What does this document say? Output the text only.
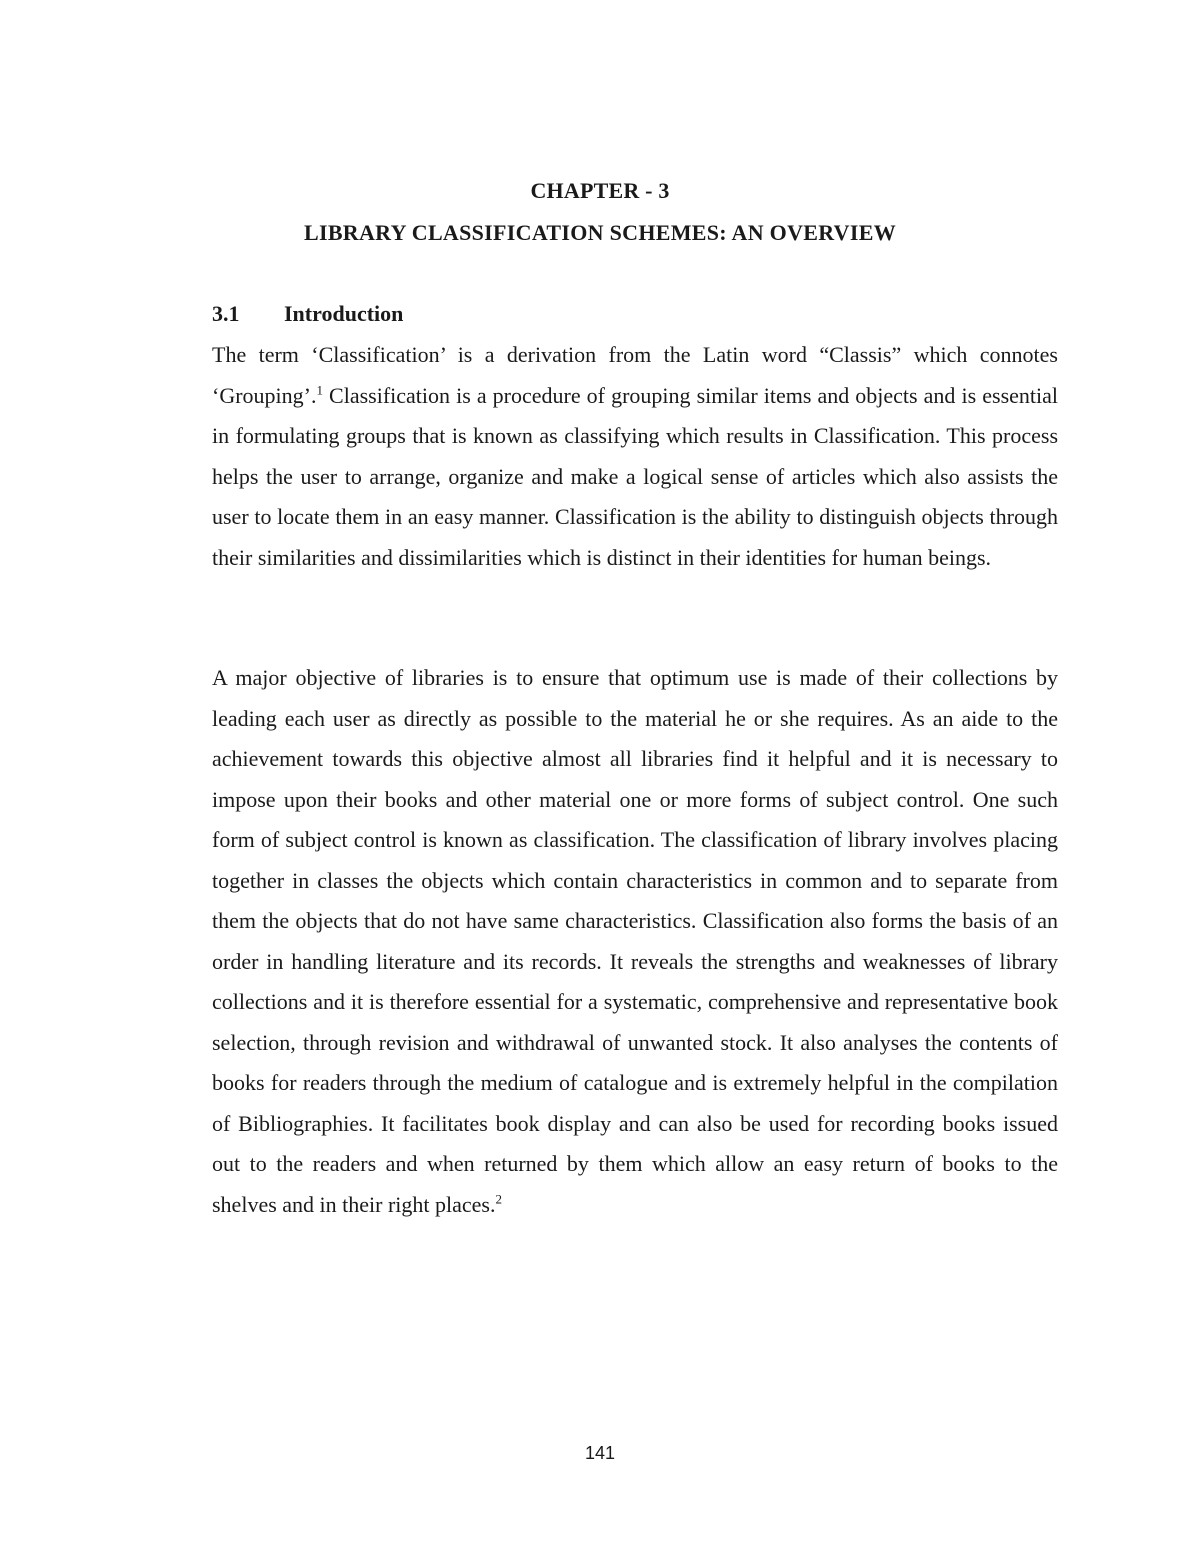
CHAPTER - 3
LIBRARY CLASSIFICATION SCHEMES: AN OVERVIEW
3.1 Introduction

The term ‘Classification’ is a derivation from the Latin word “Classis” which connotes ‘Grouping’.$^1$ Classification is a procedure of grouping similar items and objects and is essential in formulating groups that is known as classifying which results in Classification. This process helps the user to arrange, organize and make a logical sense of articles which also assists the user to locate them in an easy manner. Classification is the ability to distinguish objects through their similarities and dissimilarities which is distinct in their identities for human beings.

A major objective of libraries is to ensure that optimum use is made of their collections by leading each user as directly as possible to the material he or she requires. As an aide to the achievement towards this objective almost all libraries find it helpful and it is necessary to impose upon their books and other material one or more forms of subject control. One such form of subject control is known as classification. The classification of library involves placing together in classes the objects which contain characteristics in common and to separate from them the objects that do not have same characteristics. Classification also forms the basis of an order in handling literature and its records. It reveals the strengths and weaknesses of library collections and it is therefore essential for a systematic, comprehensive and representative book selection, through revision and withdrawal of unwanted stock. It also analyses the contents of books for readers through the medium of catalogue and is extremely helpful in the compilation of Bibliographies. It facilitates book display and can also be used for recording books issued out to the readers and when returned by them which allow an easy return of books to the shelves and in their right places.$^2$

141
